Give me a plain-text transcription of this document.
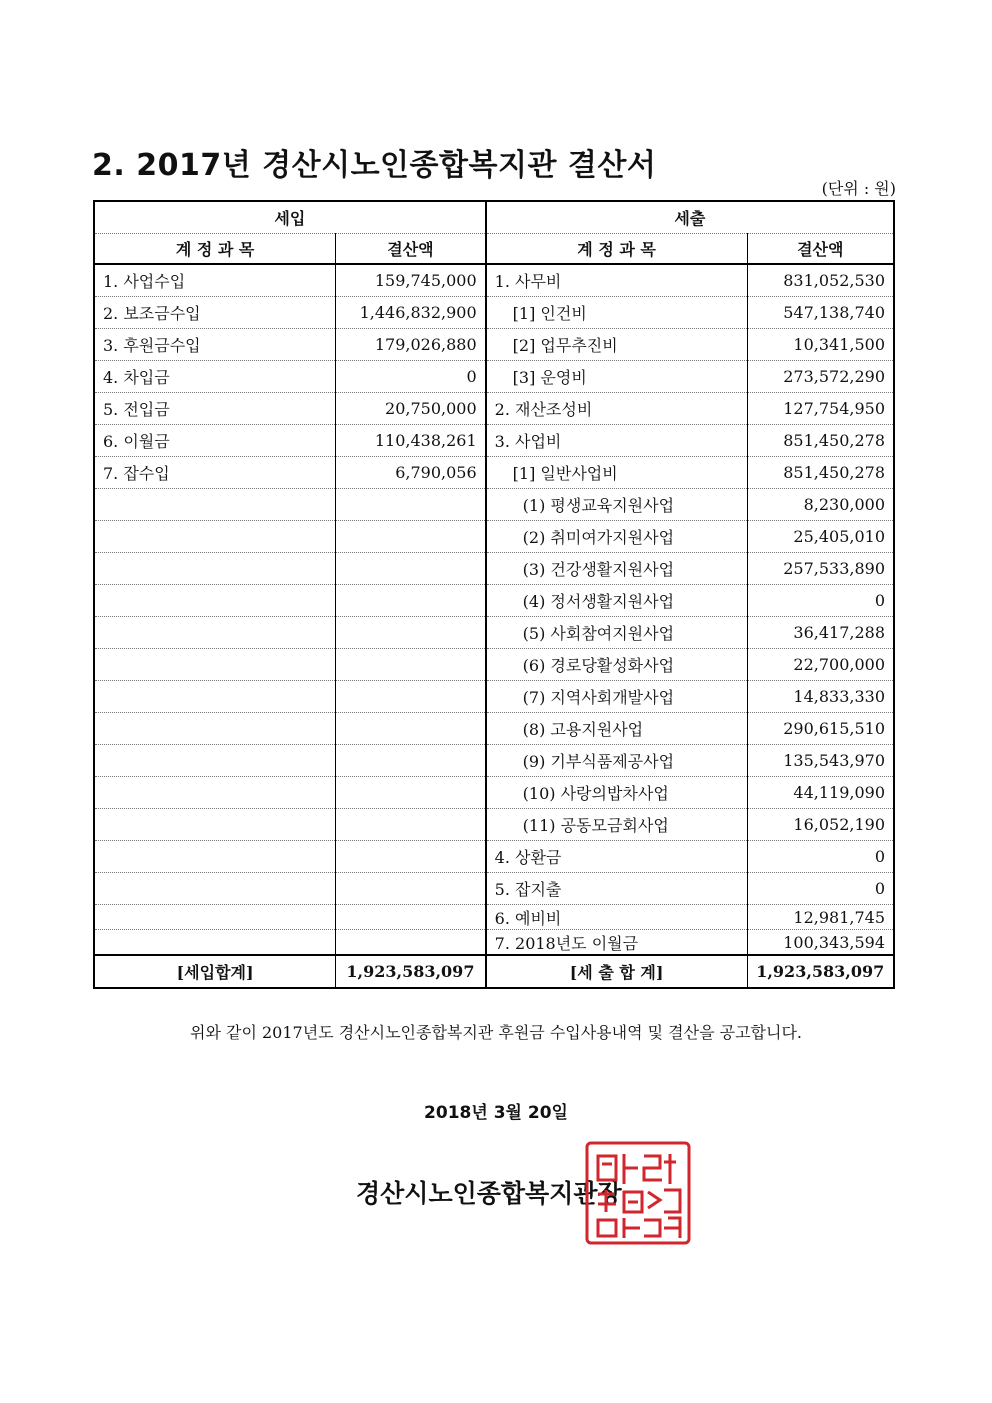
2. 2017년 경산시노인종합복지관 결산서
(단위 : 원)
세입		세출	
계 정 과 목	결산액	계 정 과 목	결산액
1. 사업수입	159,745,000	1. 사무비	831,052,530
2. 보조금수입	1,446,832,900	[1] 인건비	547,138,740
3. 후원금수입	179,026,880	[2] 업무추진비	10,341,500
4. 차입금	0	[3] 운영비	273,572,290
5. 전입금	20,750,000	2. 재산조성비	127,754,950
6. 이월금	110,438,261	3. 사업비	851,450,278
7. 잡수입	6,790,056	[1] 일반사업비	851,450,278
		(1) 평생교육지원사업	8,230,000
		(2) 취미여가지원사업	25,405,010
		(3) 건강생활지원사업	257,533,890
		(4) 정서생활지원사업	0
		(5) 사회참여지원사업	36,417,288
		(6) 경로당활성화사업	22,700,000
		(7) 지역사회개발사업	14,833,330
		(8) 고용지원사업	290,615,510
		(9) 기부식품제공사업	135,543,970
		(10) 사랑의밥차사업	44,119,090
		(11) 공동모금회사업	16,052,190
		4. 상환금	0
		5. 잡지출	0
		6. 예비비	12,981,745
		7. 2018년도 이월금	100,343,594
[세입합계]	1,923,583,097	[세 출 합 계]	1,923,583,097
위와 같이 2017년도 경산시노인종합복지관 후원금 수입사용내역 및 결산을 공고합니다.
2018년 3월 20일
경산시노인종합복지관장
